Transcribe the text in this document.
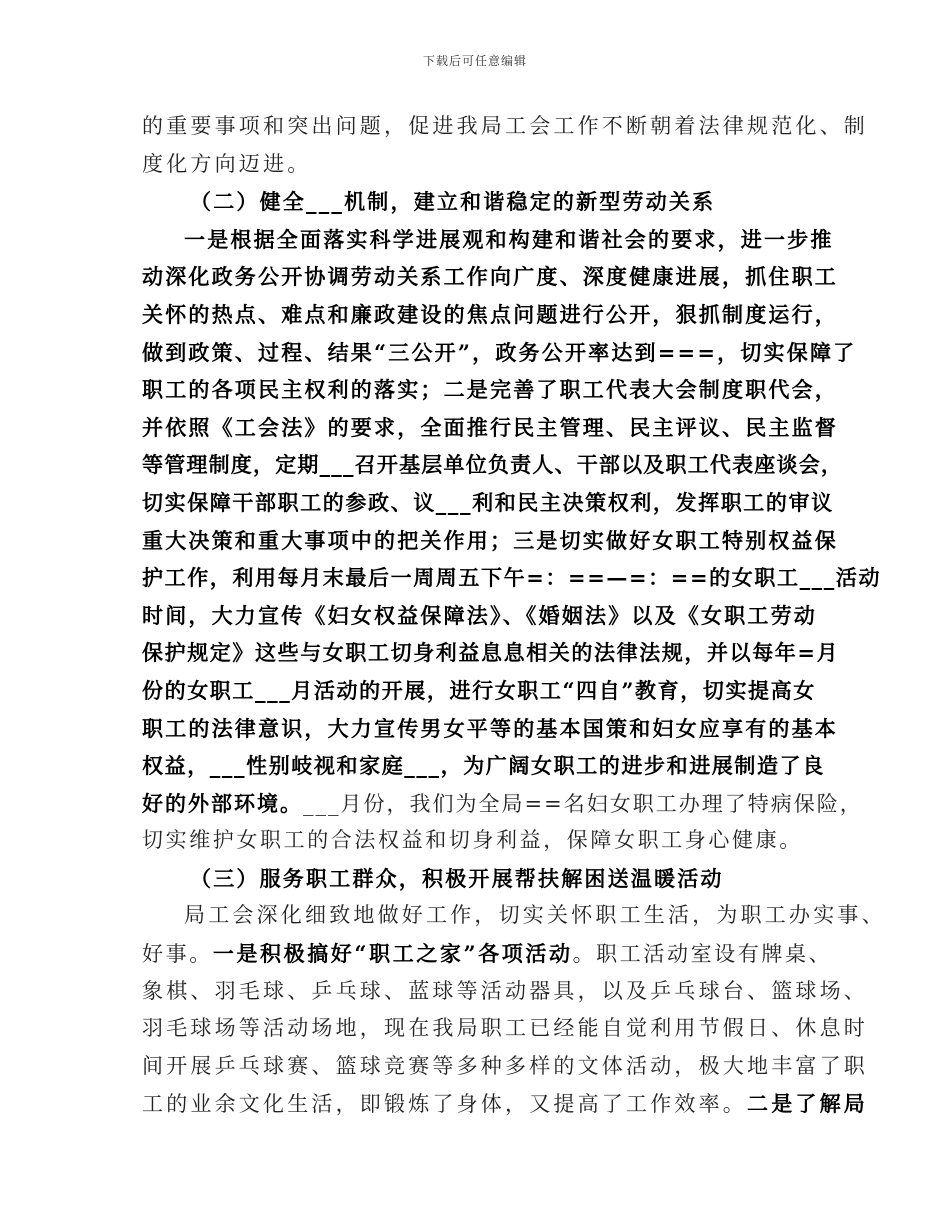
下载后可任意编辑
的重要事项和突出问题，促进我局工会工作不断朝着法律规范化、制
度化方向迈进。
（二）健全___机制，建立和谐稳定的新型劳动关系
一是根据全面落实科学进展观和构建和谐社会的要求，进一步推
动深化政务公开协调劳动关系工作向广度、深度健康进展，抓住职工
关怀的热点、难点和廉政建设的焦点问题进行公开，狠抓制度运行，
做到政策、过程、结果“三公开”，政务公开率达到===，切实保障了
职工的各项民主权利的落实；二是完善了职工代表大会制度职代会，
并依照《工会法》的要求，全面推行民主管理、民主评议、民主监督
等管理制度，定期___召开基层单位负责人、干部以及职工代表座谈会，
切实保障干部职工的参政、议___利和民主决策权利，发挥职工的审议
重大决策和重大事项中的把关作用；三是切实做好女职工特别权益保
护工作，利用每月末最后一周周五下午=：==—=：==的女职工___活动
时间，大力宣传《妇女权益保障法》、《婚姻法》以及《女职工劳动
保护规定》这些与女职工切身利益息息相关的法律法规，并以每年=月
份的女职工___月活动的开展，进行女职工“四自”教育，切实提高女
职工的法律意识，大力宣传男女平等的基本国策和妇女应享有的基本
权益，___性别岐视和家庭___，为广阔女职工的进步和进展制造了良
好的外部环境。___月份，我们为全局==名妇女职工办理了特病保险，
切实维护女职工的合法权益和切身利益，保障女职工身心健康。
（三）服务职工群众，积极开展帮扶解困送温暖活动
局工会深化细致地做好工作，切实关怀职工生活，为职工办实事、
好事。一是积极搞好“职工之家”各项活动。职工活动室设有牌桌、
象棋、羽毛球、乒乓球、蓝球等活动器具，以及乒乓球台、篮球场、
羽毛球场等活动场地，现在我局职工已经能自觉利用节假日、休息时
间开展乒乓球赛、篮球竞赛等多种多样的文体活动，极大地丰富了职
工的业余文化生活，即锻炼了身体，又提高了工作效率。二是了解局
